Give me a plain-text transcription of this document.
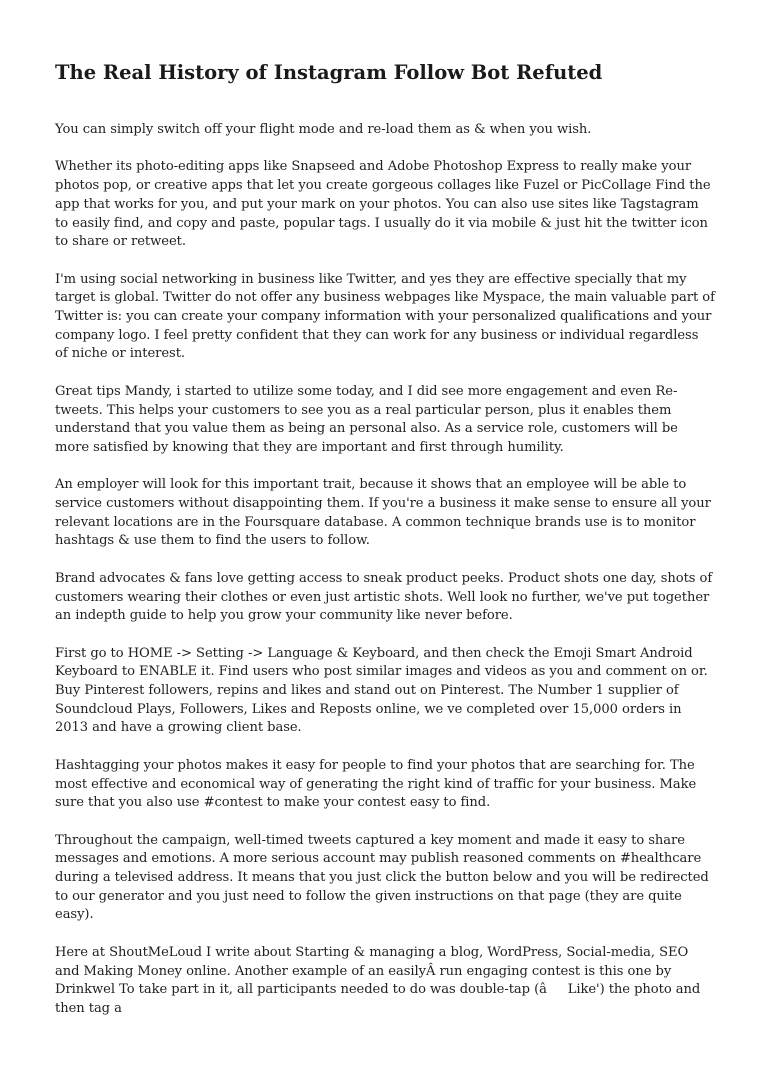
The Real History of Instagram Follow Bot Refuted

You can simply switch off your flight mode and re-load them as & when you wish.

Whether its photo-editing apps like Snapseed and Adobe Photoshop Express to really make your photos pop, or creative apps that let you create gorgeous collages like Fuzel or PicCollage Find the app that works for you, and put your mark on your photos. You can also use sites like Tagstagram to easily find, and copy and paste, popular tags. I usually do it via mobile & just hit the twitter icon to share or retweet.

I'm using social networking in business like Twitter, and yes they are effective specially that my target is global. Twitter do not offer any business webpages like Myspace, the main valuable part of Twitter is: you can create your company information with your personalized qualifications and your company logo. I feel pretty confident that they can work for any business or individual regardless of niche or interest.

Great tips Mandy, i started to utilize some today, and I did see more engagement and even Re-tweets. This helps your customers to see you as a real particular person, plus it enables them understand that you value them as being an personal also. As a service role, customers will be more satisfied by knowing that they are important and first through humility.

An employer will look for this important trait, because it shows that an employee will be able to service customers without disappointing them. If you're a business it make sense to ensure all your relevant locations are in the Foursquare database. A common technique brands use is to monitor hashtags & use them to find the users to follow.

Brand advocates & fans love getting access to sneak product peeks. Product shots one day, shots of customers wearing their clothes or even just artistic shots. Well look no further, we've put together an indepth guide to help you grow your community like never before.

First go to HOME -> Setting -> Language & Keyboard, and then check the Emoji Smart Android Keyboard to ENABLE it. Find users who post similar images and videos as you and comment on or. Buy Pinterest followers, repins and likes and stand out on Pinterest. The Number 1 supplier of Soundcloud Plays, Followers, Likes and Reposts online, we ve completed over 15,000 orders in 2013 and have a growing client base.

Hashtagging your photos makes it easy for people to find your photos that are searching for. The most effective and economical way of generating the right kind of traffic for your business. Make sure that you also use #contest to make your contest easy to find.

Throughout the campaign, well-timed tweets captured a key moment and made it easy to share messages and emotions. A more serious account may publish reasoned comments on #healthcare during a televised address. It means that you just click the button below and you will be redirected to our generator and you just need to follow the given instructions on that page (they are quite easy).

Here at ShoutMeLoud I write about Starting & managing a blog, WordPress, Social-media, SEO and Making Money online. Another example of an easilyÂ run engaging contest is this one by Drinkwel To take part in it, all participants needed to do was double-tap (âLike') the photo and then tag a
